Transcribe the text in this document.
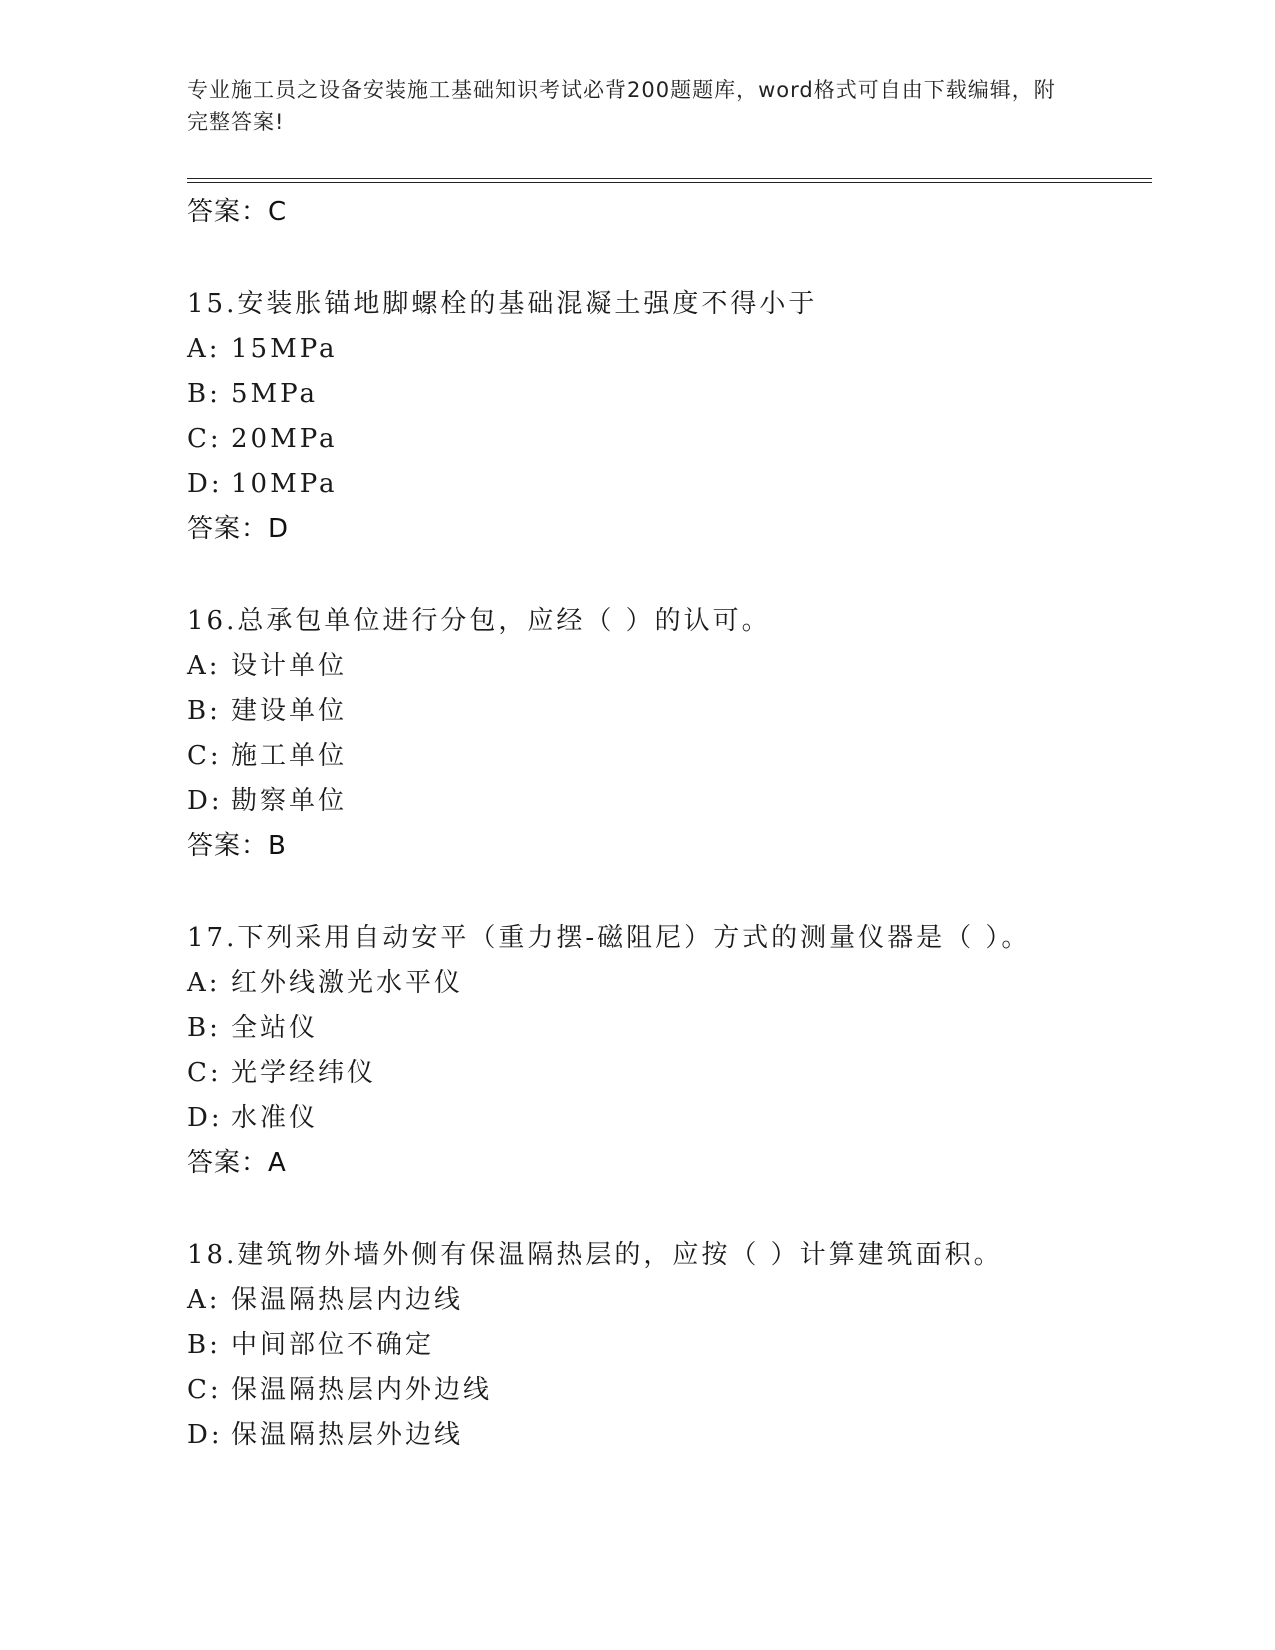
专业施工员之设备安装施工基础知识考试必背200题题库，word格式可自由下载编辑，附完整答案!
答案：C
15.安装胀锚地脚螺栓的基础混凝土强度不得小于
A: 15MPa
B: 5MPa
C: 20MPa
D: 10MPa
答案：D
16.总承包单位进行分包，应经（ ）的认可。
A: 设计单位
B: 建设单位
C: 施工单位
D: 勘察单位
答案：B
17.下列采用自动安平（重力摆-磁阻尼）方式的测量仪器是（ ）。
A: 红外线激光水平仪
B: 全站仪
C: 光学经纬仪
D: 水准仪
答案：A
18.建筑物外墙外侧有保温隔热层的，应按（ ）计算建筑面积。
A: 保温隔热层内边线
B: 中间部位不确定
C: 保温隔热层内外边线
D: 保温隔热层外边线
